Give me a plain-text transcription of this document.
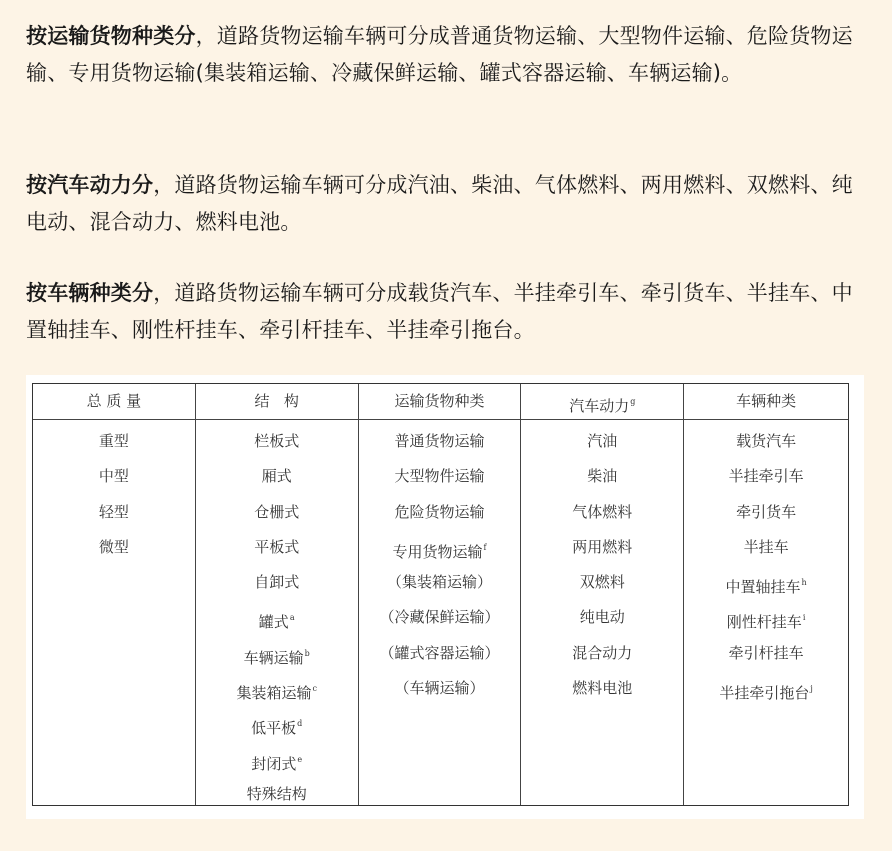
按运输货物种类分，道路货物运输车辆可分成普通货物运输、大型物件运输、危险货物运输、专用货物运输(集装箱运输、冷藏保鲜运输、罐式容器运输、车辆运输)。

按汽车动力分，道路货物运输车辆可分成汽油、柴油、气体燃料、两用燃料、双燃料、纯电动、混合动力、燃料电池。

按车辆种类分，道路货物运输车辆可分成载货汽车、半挂牵引车、牵引货车、半挂车、中置轴挂车、刚性杆挂车、牵引杆挂车、半挂牵引拖台。

总 质 量
重型
中型
轻型
微型
结   构
栏板式
厢式
仓栅式
平板式
自卸式
罐式$^a$
车辆运输$^b$
集装箱运输$^c$
低平板$^d$
封闭式$^e$
特殊结构
运输货物种类
普通货物运输
大型物件运输
危险货物运输
专用货物运输$^f$
（集装箱运输）
（冷藏保鲜运输）
（罐式容器运输）
（车辆运输）
汽车动力$^g$
汽油
柴油
气体燃料
两用燃料
双燃料
纯电动
混合动力
燃料电池
车辆种类
载货汽车
半挂牵引车
牵引货车
半挂车
中置轴挂车$^h$
刚性杆挂车$^i$
牵引杆挂车
半挂牵引拖台$^j$
